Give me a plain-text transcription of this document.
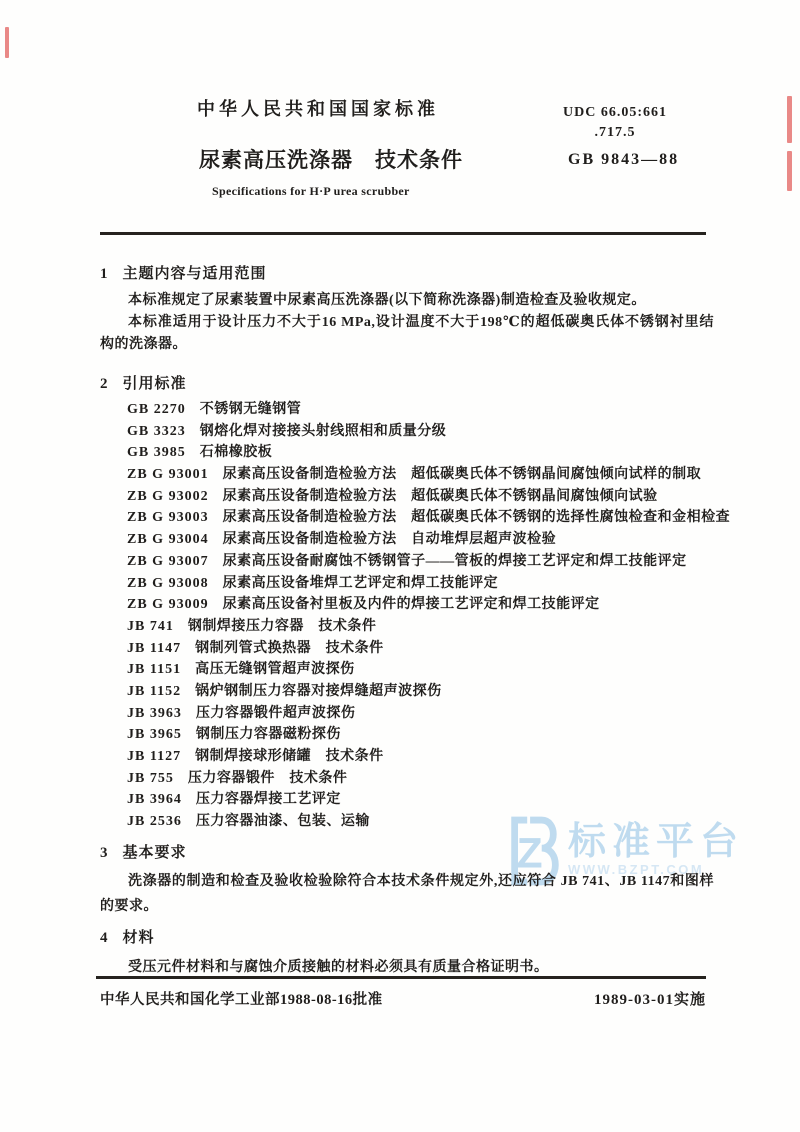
Z 标准平台
WWW.BZPT.COM
中华人民共和国国家标准	UDC 66.05:661
.717.5
尿素高压洗涤器　技术条件	GB 9843—88
Specifications for H·P urea scrubber
1 主题内容与适用范围
本标准规定了尿素装置中尿素高压洗涤器(以下简称洗涤器)制造检查及验收规定。
本标准适用于设计压力不大于16 MPa,设计温度不大于198℃的超低碳奥氏体不锈钢衬里结构的洗涤器。
2 引用标准
GB 2270 不锈钢无缝钢管
GB 3323 钢熔化焊对接接头射线照相和质量分级
GB 3985 石棉橡胶板
ZB G 93001 尿素高压设备制造检验方法　超低碳奥氏体不锈钢晶间腐蚀倾向试样的制取
ZB G 93002 尿素高压设备制造检验方法　超低碳奥氏体不锈钢晶间腐蚀倾向试验
ZB G 93003 尿素高压设备制造检验方法　超低碳奥氏体不锈钢的选择性腐蚀检查和金相检查
ZB G 93004 尿素高压设备制造检验方法　自动堆焊层超声波检验
ZB G 93007 尿素高压设备耐腐蚀不锈钢管子——管板的焊接工艺评定和焊工技能评定
ZB G 93008 尿素高压设备堆焊工艺评定和焊工技能评定
ZB G 93009 尿素高压设备衬里板及内件的焊接工艺评定和焊工技能评定
JB 741 钢制焊接压力容器　技术条件
JB 1147 钢制列管式换热器　技术条件
JB 1151 高压无缝钢管超声波探伤
JB 1152 锅炉钢制压力容器对接焊缝超声波探伤
JB 3963 压力容器锻件超声波探伤
JB 3965 钢制压力容器磁粉探伤
JB 1127 钢制焊接球形储罐　技术条件
JB 755 压力容器锻件　技术条件
JB 3964 压力容器焊接工艺评定
JB 2536 压力容器油漆、包装、运输
3 基本要求
洗涤器的制造和检查及验收检验除符合本技术条件规定外,还应符合 JB 741、JB 1147和图样的要求。
4 材料
受压元件材料和与腐蚀介质接触的材料必须具有质量合格证明书。
中华人民共和国化学工业部1988-08-16批准	1989-03-01实施
